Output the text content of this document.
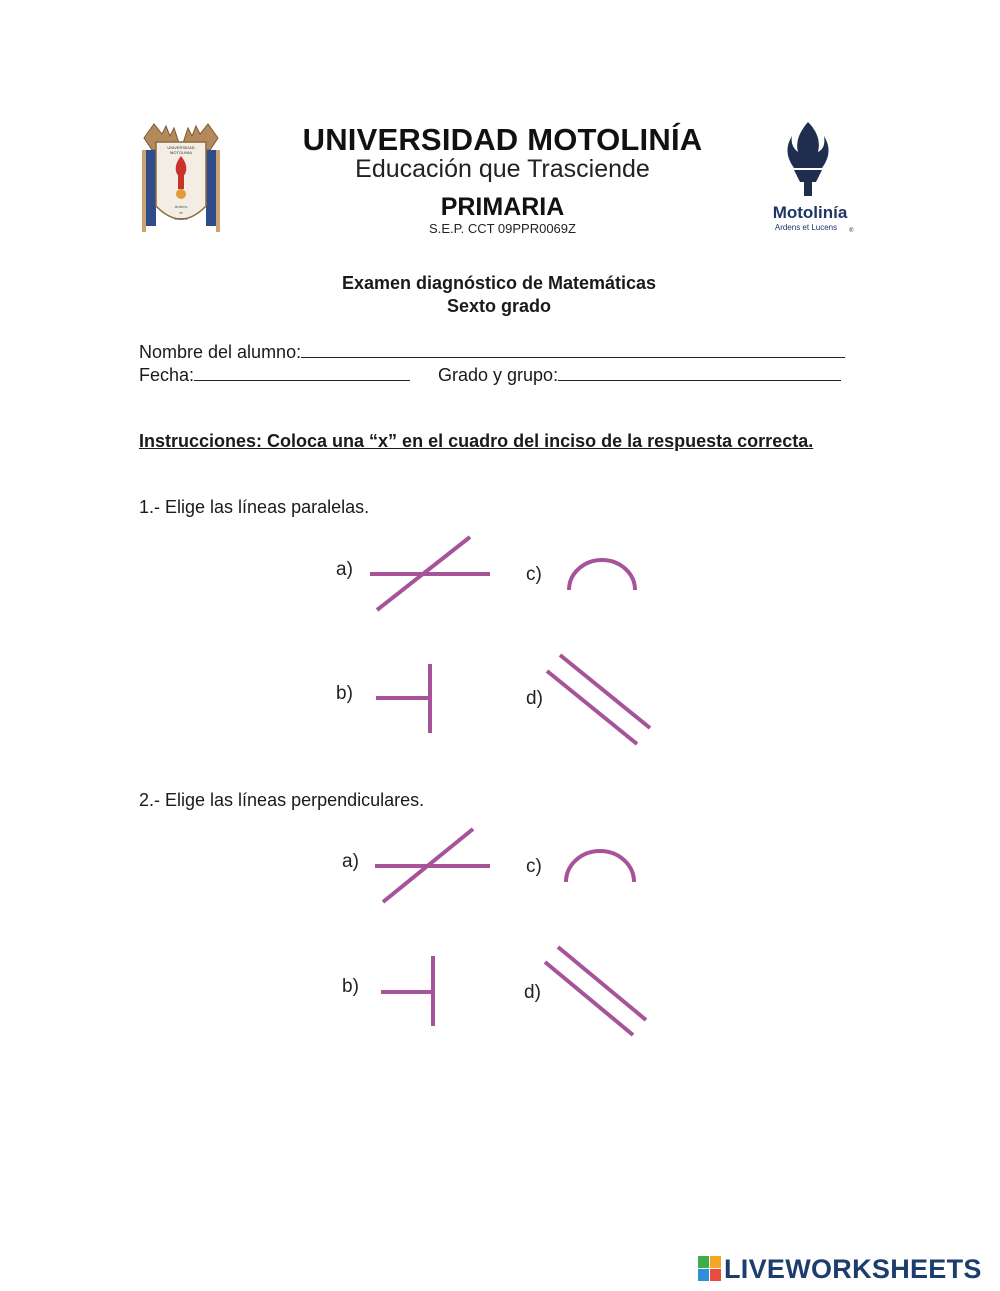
UNIVERSIDAD
MOTOLINIA
Ardens
et
Lucens
UNIVERSIDAD MOTOLINÍA
Educación que Trasciende
PRIMARIA
S.E.P. CCT 09PPR0069Z
Motolinía
Ardens et Lucens ®
Examen diagnóstico de Matemáticas
Sexto grado
Nombre del alumno:
Fecha:	Grado y grupo:
Instrucciones: Coloca una “x” en el cuadro del inciso de la respuesta correcta.
1.- Elige las líneas paralelas.
a)	c)
b)	d)
2.- Elige las líneas perpendiculares.
a)	c)
b)	d)
LIVEWORKSHEETS
